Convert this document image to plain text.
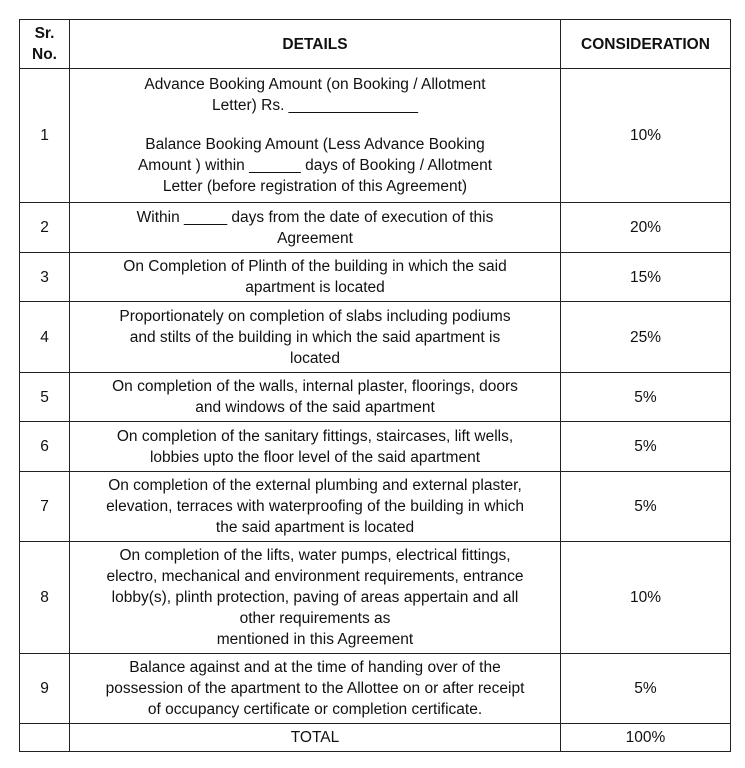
Sr.
No.	DETAILS	CONSIDERATION
1	Advance Booking Amount (on Booking / Allotment
Letter) Rs. _______________
Balance Booking Amount (Less Advance Booking
Amount ) within ______ days of Booking / Allotment
Letter (before registration of this Agreement)	10%
2	Within _____ days from the date of execution of this
Agreement	20%
3	On Completion of Plinth of the building in which the said
apartment is located	15%
4	Proportionately on completion of slabs including podiums
and stilts of the building in which the said apartment is
located	25%
5	On completion of the walls, internal plaster, floorings, doors
and windows of the said apartment	5%
6	On completion of the sanitary fittings, staircases, lift wells,
lobbies upto the floor level of the said apartment	5%
7	On completion of the external plumbing and external plaster,
elevation, terraces with waterproofing of the building in which
the said apartment is located	5%
8	On completion of the lifts, water pumps, electrical fittings,
electro, mechanical and environment requirements, entrance
lobby(s), plinth protection, paving of areas appertain and all
other requirements as
mentioned in this Agreement	10%
9	Balance against and at the time of handing over of the
possession of the apartment to the Allottee on or after receipt
of occupancy certificate or completion certificate.	5%
	TOTAL	100%
